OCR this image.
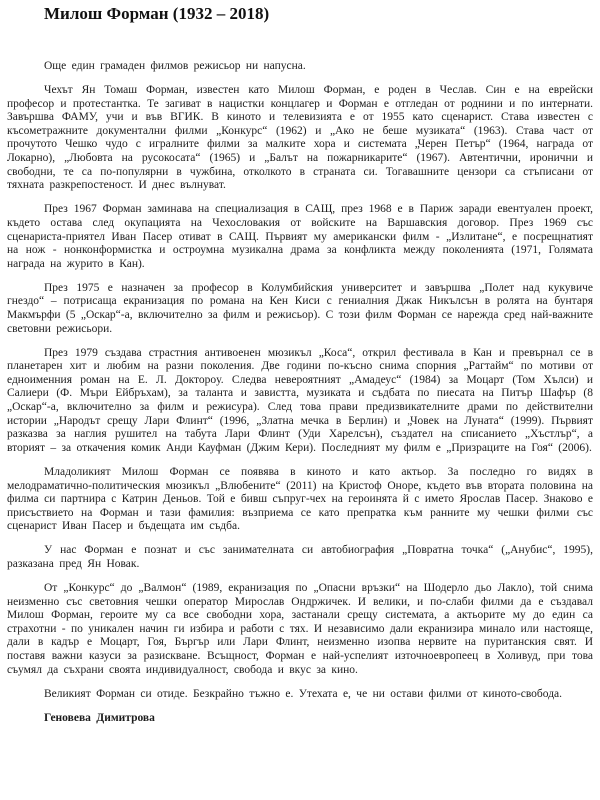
Милош Форман (1932 – 2018)

Още един грамаден филмов режисьор ни напусна.

Чехът Ян Томаш Форман, известен като Милош Форман, е роден в Чеслав. Син е на еврейски професор и протестантка. Те загиват в нацистки концлагер и Форман е отгледан от роднини и по интернати. Завършва ФАМУ, учи и във ВГИК. В киното и телевизията е от 1955 като сценарист. Става известен с късометражните документални филми „Конкурс“ (1962) и „Ако не беше музиката“ (1963). Става част от прочутото Чешко чудо с игралните филми за малките хора и системата „Черен Петър“ (1964, награда от Локарно), „Любовта на русокосата“ (1965) и „Балът на пожарникарите“ (1967). Автентични, иронични и свободни, те са по-популярни в чужбина, отколкото в страната си. Тогавашните цензори са стъписани от тяхната разкрепостеност. И днес вълнуват.

През 1967 Форман заминава на специализация в САЩ, през 1968 е в Париж заради евентуален проект, където остава след окупацията на Чехословакия от войските на Варшавския договор. През 1969 със сценариста-приятел Иван Пасер отиват в САЩ. Първият му американски филм - „Излитане“, е посрещнатият на нож - нонконформистка и остроумна музикална драма за конфликта между поколенията (1971, Голямата награда на журито в Кан).

През 1975 е назначен за професор в Колумбийския университет и завършва „Полет над кукувиче гнездо“ – потрисаща екранизация по романа на Кен Киси с гениалния Джак Никълсън в ролята на бунтаря Макмърфи (5 „Оскар“-а, включително за филм и режисьор). С този филм Форман се нарежда сред най-важните световни режисьори.

През 1979 създава страстния антивоенен мюзикъл „Коса“, открил фестивала в Кан и превърнал се в планетарен хит и любим на разни поколения. Две години по-късно снима спорния „Рагтайм“ по мотиви от едноименния роман на Е. Л. Докторoу. Следва невероятният „Амадеус“ (1984) за Моцарт (Том Хълси) и Салиери (Ф. Мъри Ейбръхам), за таланта и завистта, музиката и съдбата по пиесата на Питър Шафър (8 „Оскар“-а, включително за филм и режисура). След това прави предизвикателните драми по действителни истории „Народът срещу Лари Флинт“ (1996, „Златна мечка в Берлин) и „Човек на Луната“ (1999). Първият разказва за наглия рушител на табута Лари Флинт (Уди Харелсън), създател на списанието „Хъстлър“, а вторият – за откачения комик Анди Кауфман (Джим Кери). Последният му филм е „Призраците на Гоя“ (2006).

Младоликият Милош Форман се появява в киното и като актьор. За последно го видях в мелодраматично-политическия мюзикъл „Влюбените“ (2011) на Кристоф Оноре, където във втората половина на филма си партнира с Катрин Деньов. Той е бивш съпруг-чех на героинята й с името Ярослав Пасер. Знаково е присъствието на Форман и тази фамилия: възприема се като препратка към ранните му чешки филми със сценарист Иван Пасер и бъдещата им съдба.

У нас Форман е познат и със занимателната си автобиография „Повратна точка“ („Анубис“, 1995), разказана пред Ян Новак.

От „Конкурс“ до „Валмон“ (1989, екранизация по „Опасни връзки“ на Шодерло дьо Лакло), той снима неизменно със световния чешки оператор Мирослав Ондржичек. И велики, и по-слаби филми да е създавал Милош Форман, героите му са все свободни хора, застанали срещу системата, а актьорите му до един са страхотни - по уникален начин ги избира и работи с тях. И независимо дали екранизира минало или настояще, дали в кадър е Моцарт, Гоя, Бъргър или Лари Флинт, неизменно изопва нервите на пуританския свят. И поставя важни казуси за разискване. Всъщност, Форман е най-успелият източноевропеец в Холивуд, при това съумял да съхрани своята индивидуалност, свобода и вкус за кино.

Великият Форман си отиде. Безкрайно тъжно е. Утехата е, че ни остави филми от киното-свобода.

Геновева Димитрова
